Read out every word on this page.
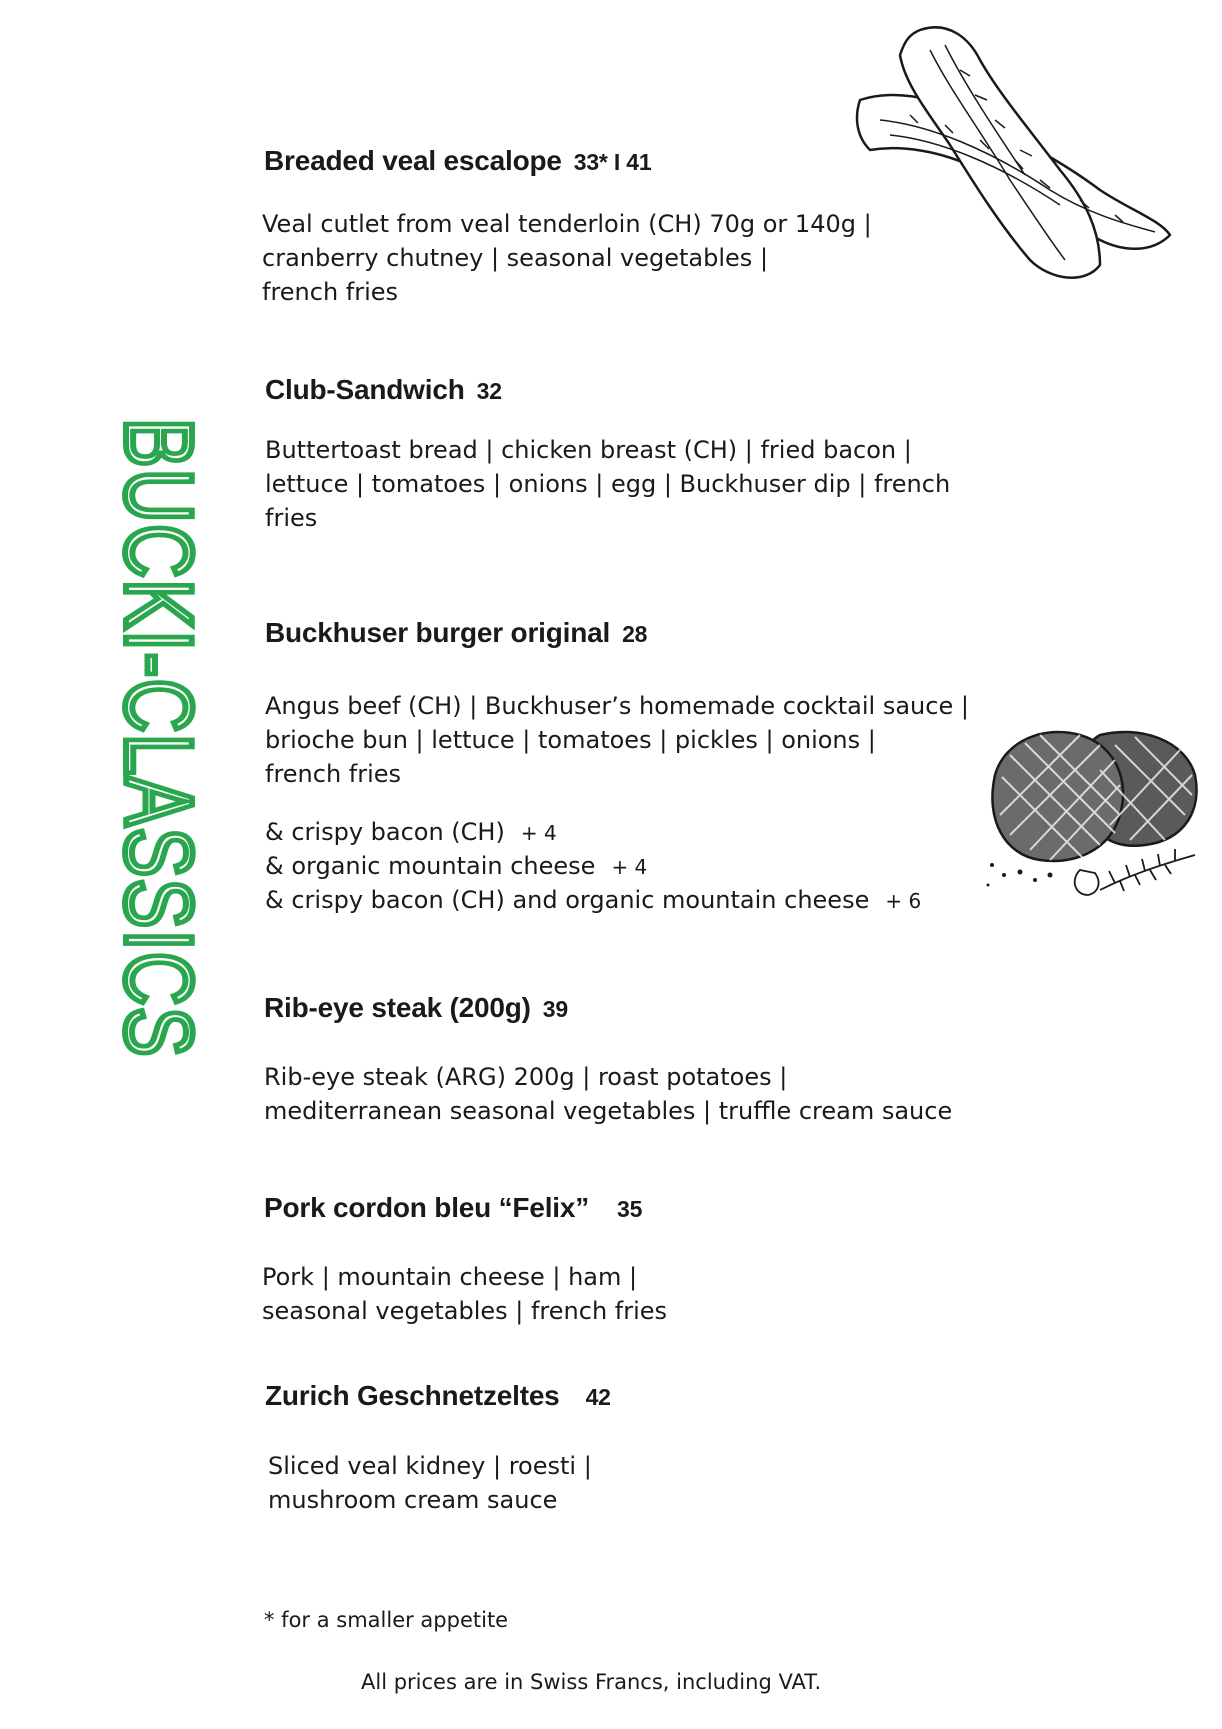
BUCKI-CLASSICS
Breaded veal escalope 33* I 41

Veal cutlet from veal tenderloin (CH) 70g or 140g |
cranberry chutney | seasonal vegetables |
french fries

Club-Sandwich 32

Buttertoast bread | chicken breast (CH) | fried bacon |
lettuce | tomatoes | onions | egg | Buckhuser dip | french
fries

Buckhuser burger original 28

Angus beef (CH) | Buckhuser’s homemade cocktail sauce |
brioche bun | lettuce | tomatoes | pickles | onions |
french fries

& crispy bacon (CH) + 4
& organic mountain cheese + 4
& crispy bacon (CH) and organic mountain cheese + 6
Rib-eye steak (200g) 39

Rib-eye steak (ARG) 200g | roast potatoes |
mediterranean seasonal vegetables | truffle cream sauce

Pork cordon bleu “Felix” 35

Pork | mountain cheese | ham |
seasonal vegetables | french fries

Zurich Geschnetzeltes 42

Sliced veal kidney | roesti |
mushroom cream sauce

* for a smaller appetite
All prices are in Swiss Francs, including VAT.
